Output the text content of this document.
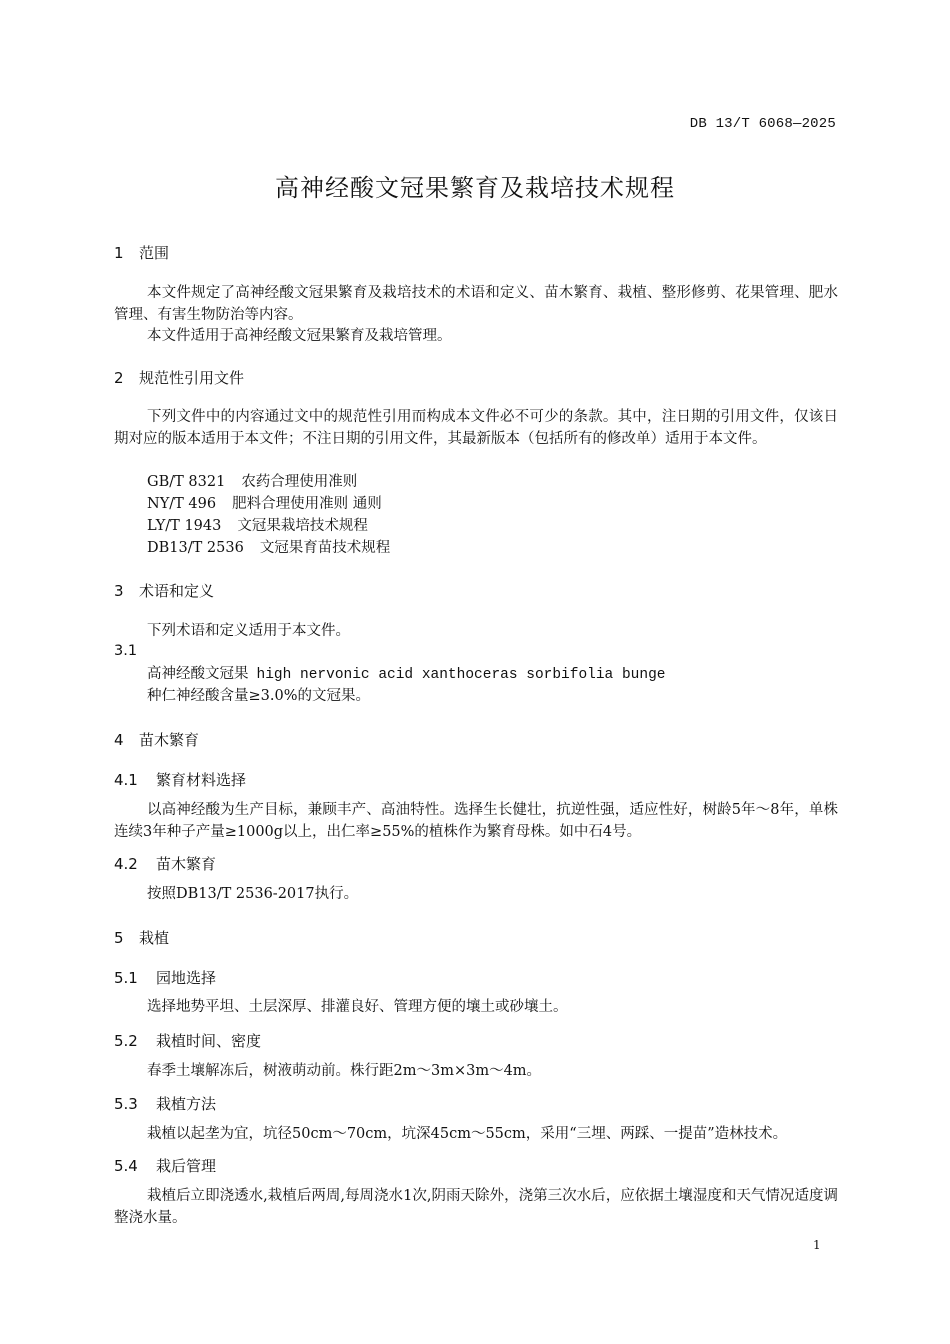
DB 13/T 6068—2025
高神经酸文冠果繁育及栽培技术规程
1 范围
本文件规定了高神经酸文冠果繁育及栽培技术的术语和定义、苗木繁育、栽植、整形修剪、花果管理、肥水管理、有害生物防治等内容。
本文件适用于高神经酸文冠果繁育及栽培管理。
2 规范性引用文件
下列文件中的内容通过文中的规范性引用而构成本文件必不可少的条款。其中，注日期的引用文件，仅该日期对应的版本适用于本文件；不注日期的引用文件，其最新版本（包括所有的修改单）适用于本文件。
GB/T 8321 农药合理使用准则
NY/T 496 肥料合理使用准则 通则
LY/T 1943 文冠果栽培技术规程
DB13/T 2536 文冠果育苗技术规程
3 术语和定义
下列术语和定义适用于本文件。
3.1
高神经酸文冠果 high nervonic acid xanthoceras sorbifolia bunge
种仁神经酸含量≥3.0%的文冠果。
4 苗木繁育
4.1 繁育材料选择
以高神经酸为生产目标，兼顾丰产、高油特性。选择生长健壮，抗逆性强，适应性好，树龄5年～8年，单株连续3年种子产量≥1000g以上，出仁率≥55%的植株作为繁育母株。如中石4号。
4.2 苗木繁育
按照DB13/T 2536-2017执行。
5 栽植
5.1 园地选择
选择地势平坦、土层深厚、排灌良好、管理方便的壤土或砂壤土。
5.2 栽植时间、密度
春季土壤解冻后，树液萌动前。株行距2m～3m×3m～4m。
5.3 栽植方法
栽植以起垄为宜，坑径50cm～70cm，坑深45cm～55cm，采用“三埋、两踩、一提苗”造林技术。
5.4 栽后管理
栽植后立即浇透水,栽植后两周,每周浇水1次,阴雨天除外，浇第三次水后，应依据土壤湿度和天气情况适度调整浇水量。
1
